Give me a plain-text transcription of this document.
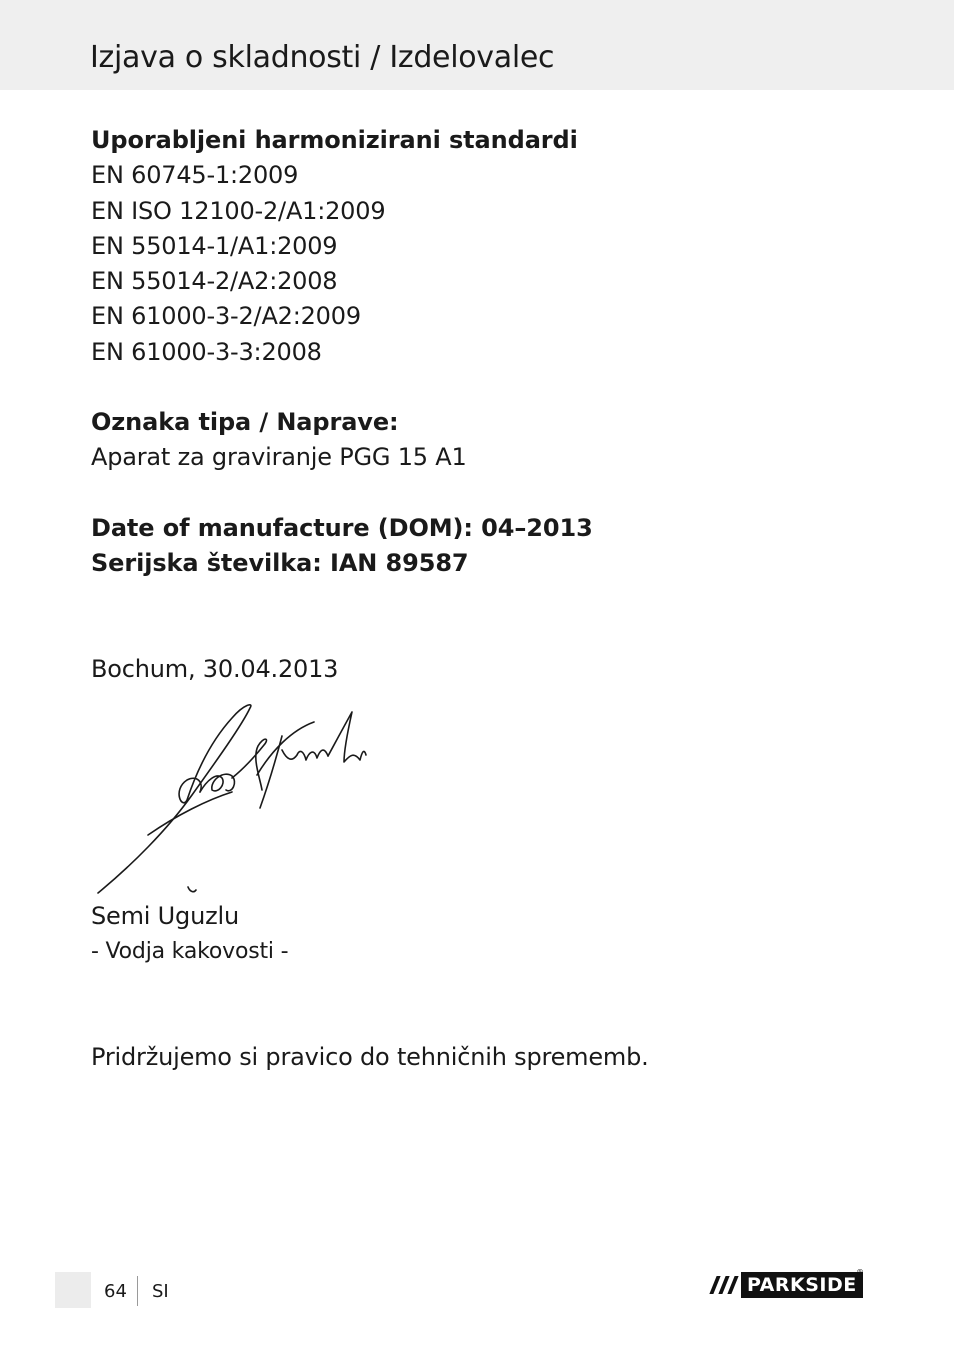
Izjava o skladnosti / Izdelovalec

Uporabljeni harmonizirani standardi

EN 60745-1:2009

EN ISO 12100-2/A1:2009

EN 55014-1/A1:2009

EN 55014-2/A2:2008

EN 61000-3-2/A2:2009

EN 61000-3-3:2008

Oznaka tipa / Naprave:

Aparat za graviranje PGG 15 A1

Date of manufacture (DOM): 04–2013

Serijska številka: IAN 89587

Bochum, 30.04.2013

Semi Uguzlu

- Vodja kakovosti -

Pridržujemo si pravico do tehničnih sprememb.

64 SI	PARKSIDE
®
